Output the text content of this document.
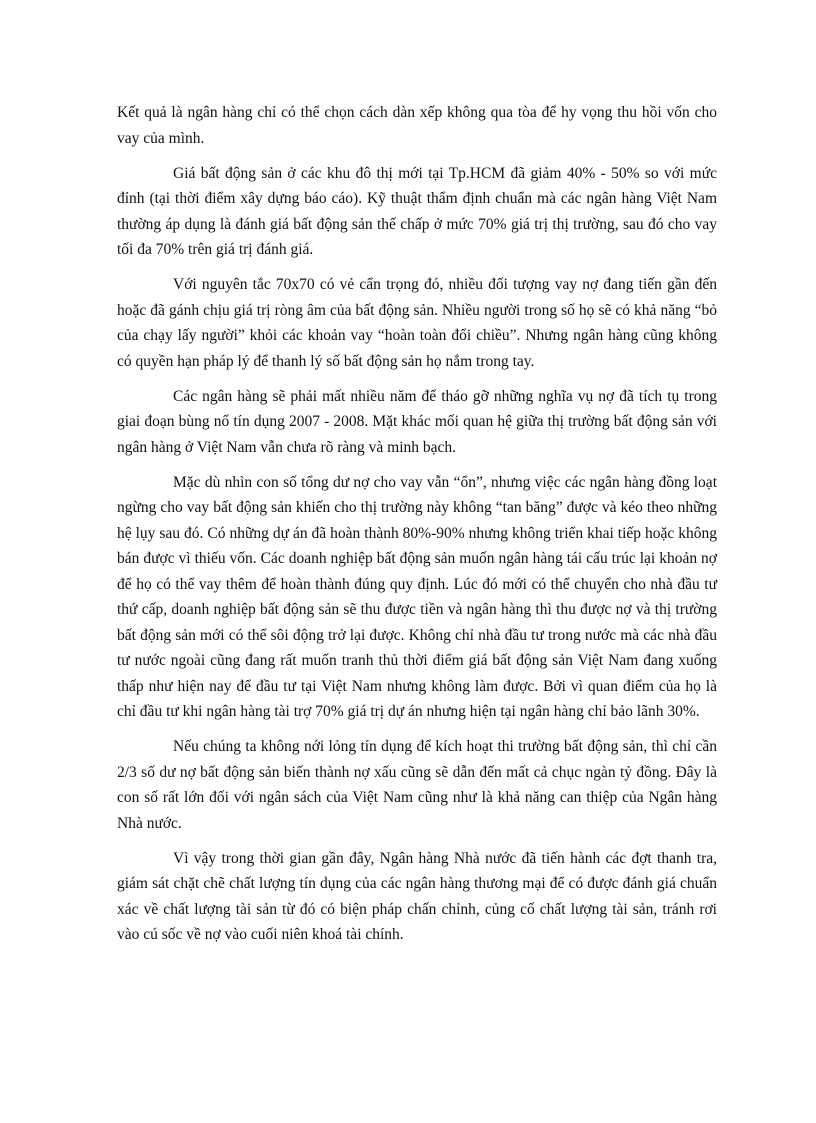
Kết quả là ngân hàng chỉ có thể chọn cách dàn xếp không qua tòa để hy vọng thu hồi vốn cho vay của mình.

Giá bất động sản ở các khu đô thị mới tại Tp.HCM đã giảm 40% - 50% so với mức đỉnh (tại thời điểm xây dựng báo cáo). Kỹ thuật thẩm định chuẩn mà các ngân hàng Việt Nam thường áp dụng là đánh giá bất động sản thế chấp ở mức 70% giá trị thị trường, sau đó cho vay tối đa 70% trên giá trị đánh giá.

Với nguyên tắc 70x70 có vẻ cẩn trọng đó, nhiều đối tượng vay nợ đang tiến gần đến hoặc đã gánh chịu giá trị ròng âm của bất động sản. Nhiều người trong số họ sẽ có khả năng “bỏ của chạy lấy người” khỏi các khoản vay “hoàn toàn đổi chiều”. Nhưng ngân hàng cũng không có quyền hạn pháp lý để thanh lý số bất động sản họ nắm trong tay.

Các ngân hàng sẽ phải mất nhiều năm để tháo gỡ những nghĩa vụ nợ đã tích tụ trong giai đoạn bùng nổ tín dụng 2007 - 2008. Mặt khác mối quan hệ giữa thị trường bất động sản với ngân hàng ở Việt Nam vẫn chưa rõ ràng và minh bạch.

Mặc dù nhìn con số tổng dư nợ cho vay vẫn “ổn”, nhưng việc các ngân hàng đồng loạt ngừng cho vay bất động sản khiến cho thị trường này không “tan băng” được và kéo theo những hệ lụy sau đó. Có những dự án đã hoàn thành 80%-90% nhưng không triển khai tiếp hoặc không bán được vì thiếu vốn. Các doanh nghiệp bất động sản muốn ngân hàng tái cấu trúc lại khoản nợ để họ có thể vay thêm để hoàn thành đúng quy định. Lúc đó mới có thể chuyển cho nhà đầu tư thứ cấp, doanh nghiệp bất động sản sẽ thu được tiền và ngân hàng thì thu được nợ và thị trường bất động sản mới có thể sôi động trở lại được. Không chỉ nhà đầu tư trong nước mà các nhà đầu tư nước ngoài cũng đang rất muốn tranh thủ thời điểm giá bất động sản Việt Nam đang xuống thấp như hiện nay để đầu tư tại Việt Nam nhưng không làm được. Bởi vì quan điểm của họ là chỉ đầu tư khi ngân hàng tài trợ 70% giá trị dự án nhưng hiện tại ngân hàng chỉ bảo lãnh 30%.

Nếu chúng ta không nới lỏng tín dụng để kích hoạt thi trường bất động sản, thì chỉ cần 2/3 số dư nợ bất động sản biến thành nợ xấu cũng sẽ dẫn đến mất cả chục ngàn tỷ đồng. Đây là con số rất lớn đối với ngân sách của Việt Nam cũng như là khả năng can thiệp của Ngân hàng Nhà nước.

Vì vậy trong thời gian gần đây, Ngân hàng Nhà nước đã tiến hành các đợt thanh tra, giám sát chặt chẽ chất lượng tín dụng của các ngân hàng thương mại để có được đánh giá chuẩn xác về chất lượng tài sản từ đó có biện pháp chấn chỉnh, củng cố chất lượng tài sản, tránh rơi vào cú sốc về nợ vào cuối niên khoá tài chính.
